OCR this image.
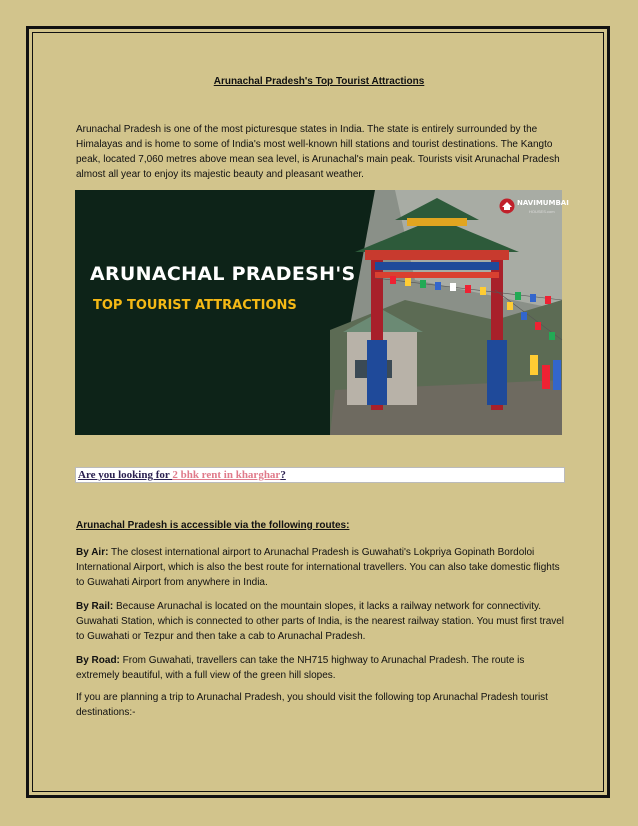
Arunachal Pradesh's Top Tourist Attractions
Arunachal Pradesh is one of the most picturesque states in India. The state is entirely surrounded by the Himalayas and is home to some of India's most well-known hill stations and tourist destinations. The Kangto peak, located 7,060 metres above mean sea level, is Arunachal's main peak. Tourists visit Arunachal Pradesh almost all year to enjoy its majestic beauty and pleasant weather.
ARUNACHAL PRADESH'S
TOP TOURIST ATTRACTIONS
NAVIMUMBAI
HOUSES.com
Are you looking for 2 bhk rent in kharghar?
Arunachal Pradesh is accessible via the following routes:
By Air: The closest international airport to Arunachal Pradesh is Guwahati's Lokpriya Gopinath Bordoloi International Airport, which is also the best route for international travellers. You can also take domestic flights to Guwahati Airport from anywhere in India.
By Rail: Because Arunachal is located on the mountain slopes, it lacks a railway network for connectivity. Guwahati Station, which is connected to other parts of India, is the nearest railway station. You must first travel to Guwahati or Tezpur and then take a cab to Arunachal Pradesh.
By Road: From Guwahati, travellers can take the NH715 highway to Arunachal Pradesh. The route is extremely beautiful, with a full view of the green hill slopes.
If you are planning a trip to Arunachal Pradesh, you should visit the following top Arunachal Pradesh tourist destinations:-
